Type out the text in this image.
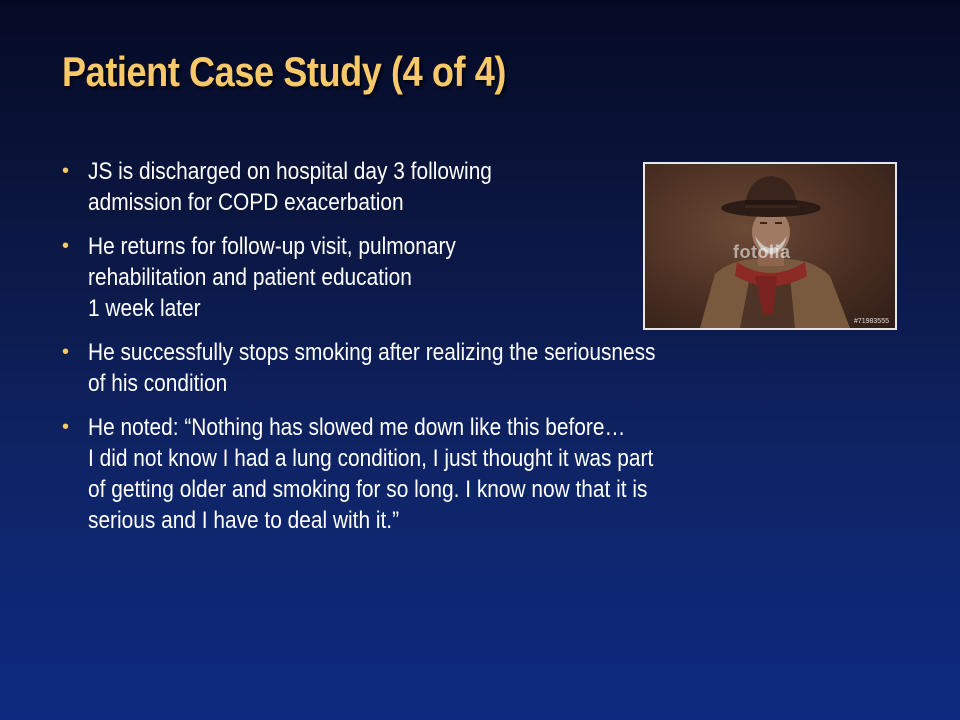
Patient Case Study (4 of 4)
• JS is discharged on hospital day 3 following
admission for COPD exacerbation
• He returns for follow-up visit, pulmonary
rehabilitation and patient education
1 week later
• He successfully stops smoking after realizing the seriousness
of his condition
• He noted: “Nothing has slowed me down like this before…
I did not know I had a lung condition, I just thought it was part
of getting older and smoking for so long. I know now that it is
serious and I have to deal with it.”
fotolia
#71983555
